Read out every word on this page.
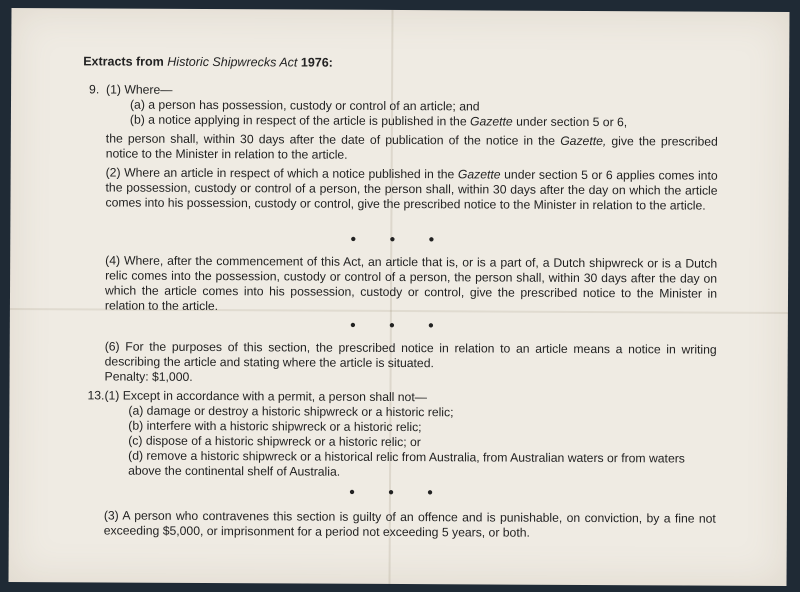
Extracts from Historic Shipwrecks Act 1976:
9. (1) Where—
(a) a person has possession, custody or control of an article; and
(b) a notice applying in respect of the article is published in the Gazette under section 5 or 6,
the person shall, within 30 days after the date of publication of the notice in the Gazette, give the prescribed notice to the Minister in relation to the article.
(2) Where an article in respect of which a notice published in the Gazette under section 5 or 6 applies comes into the possession, custody or control of a person, the person shall, within 30 days after the day on which the article comes into his possession, custody or control, give the prescribed notice to the Minister in relation to the article.
●●●
(4) Where, after the commencement of this Act, an article that is, or is a part of, a Dutch shipwreck or is a Dutch relic comes into the possession, custody or control of a person, the person shall, within 30 days after the day on which the article comes into his possession, custody or control, give the prescribed notice to the Minister in relation to the article.
●●●
(6) For the purposes of this section, the prescribed notice in relation to an article means a notice in writing describing the article and stating where the article is situated.
Penalty: $1,000.
13. (1) Except in accordance with a permit, a person shall not—
(a) damage or destroy a historic shipwreck or a historic relic;
(b) interfere with a historic shipwreck or a historic relic;
(c) dispose of a historic shipwreck or a historic relic; or
(d) remove a historic shipwreck or a historical relic from Australia, from Australian waters or from waters above the continental shelf of Australia.
●●●
(3) A person who contravenes this section is guilty of an offence and is punishable, on conviction, by a fine not exceeding $5,000, or imprisonment for a period not exceeding 5 years, or both.
